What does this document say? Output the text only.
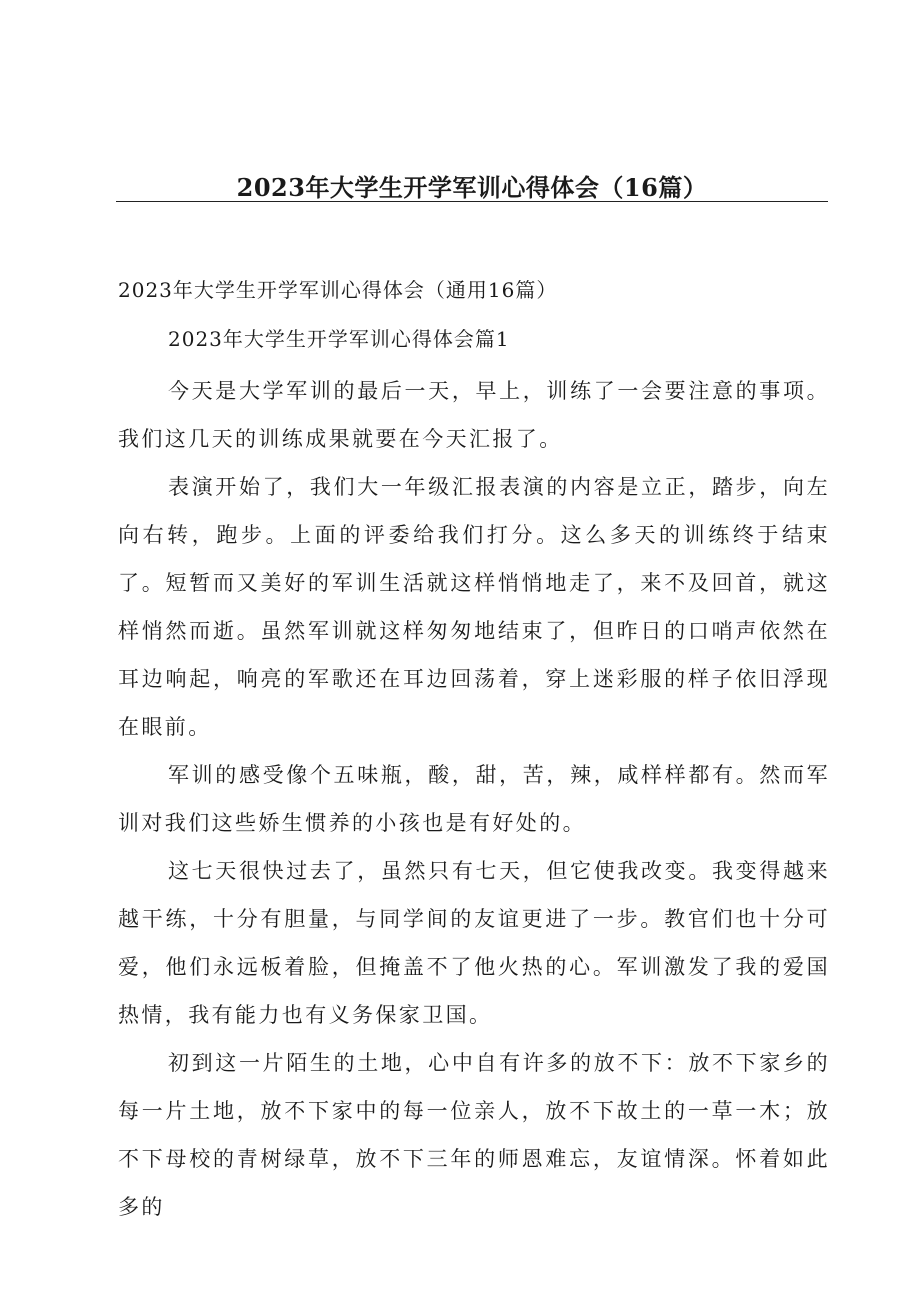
2023年大学生开学军训心得体会（16篇）
2023年大学生开学军训心得体会（通用16篇）
2023年大学生开学军训心得体会篇1

今天是大学军训的最后一天，早上，训练了一会要注意的事项。我们这几天的训练成果就要在今天汇报了。

表演开始了，我们大一年级汇报表演的内容是立正，踏步，向左向右转，跑步。上面的评委给我们打分。这么多天的训练终于结束了。短暂而又美好的军训生活就这样悄悄地走了，来不及回首，就这样悄然而逝。虽然军训就这样匆匆地结束了，但昨日的口哨声依然在耳边响起，响亮的军歌还在耳边回荡着，穿上迷彩服的样子依旧浮现在眼前。

军训的感受像个五味瓶，酸，甜，苦，辣，咸样样都有。然而军训对我们这些娇生惯养的小孩也是有好处的。

这七天很快过去了，虽然只有七天，但它使我改变。我变得越来越干练，十分有胆量，与同学间的友谊更进了一步。教官们也十分可爱，他们永远板着脸，但掩盖不了他火热的心。军训激发了我的爱国热情，我有能力也有义务保家卫国。

初到这一片陌生的土地，心中自有许多的放不下：放不下家乡的每一片土地，放不下家中的每一位亲人，放不下故土的一草一木；放不下母校的青树绿草，放不下三年的师恩难忘，友谊情深。怀着如此多的
